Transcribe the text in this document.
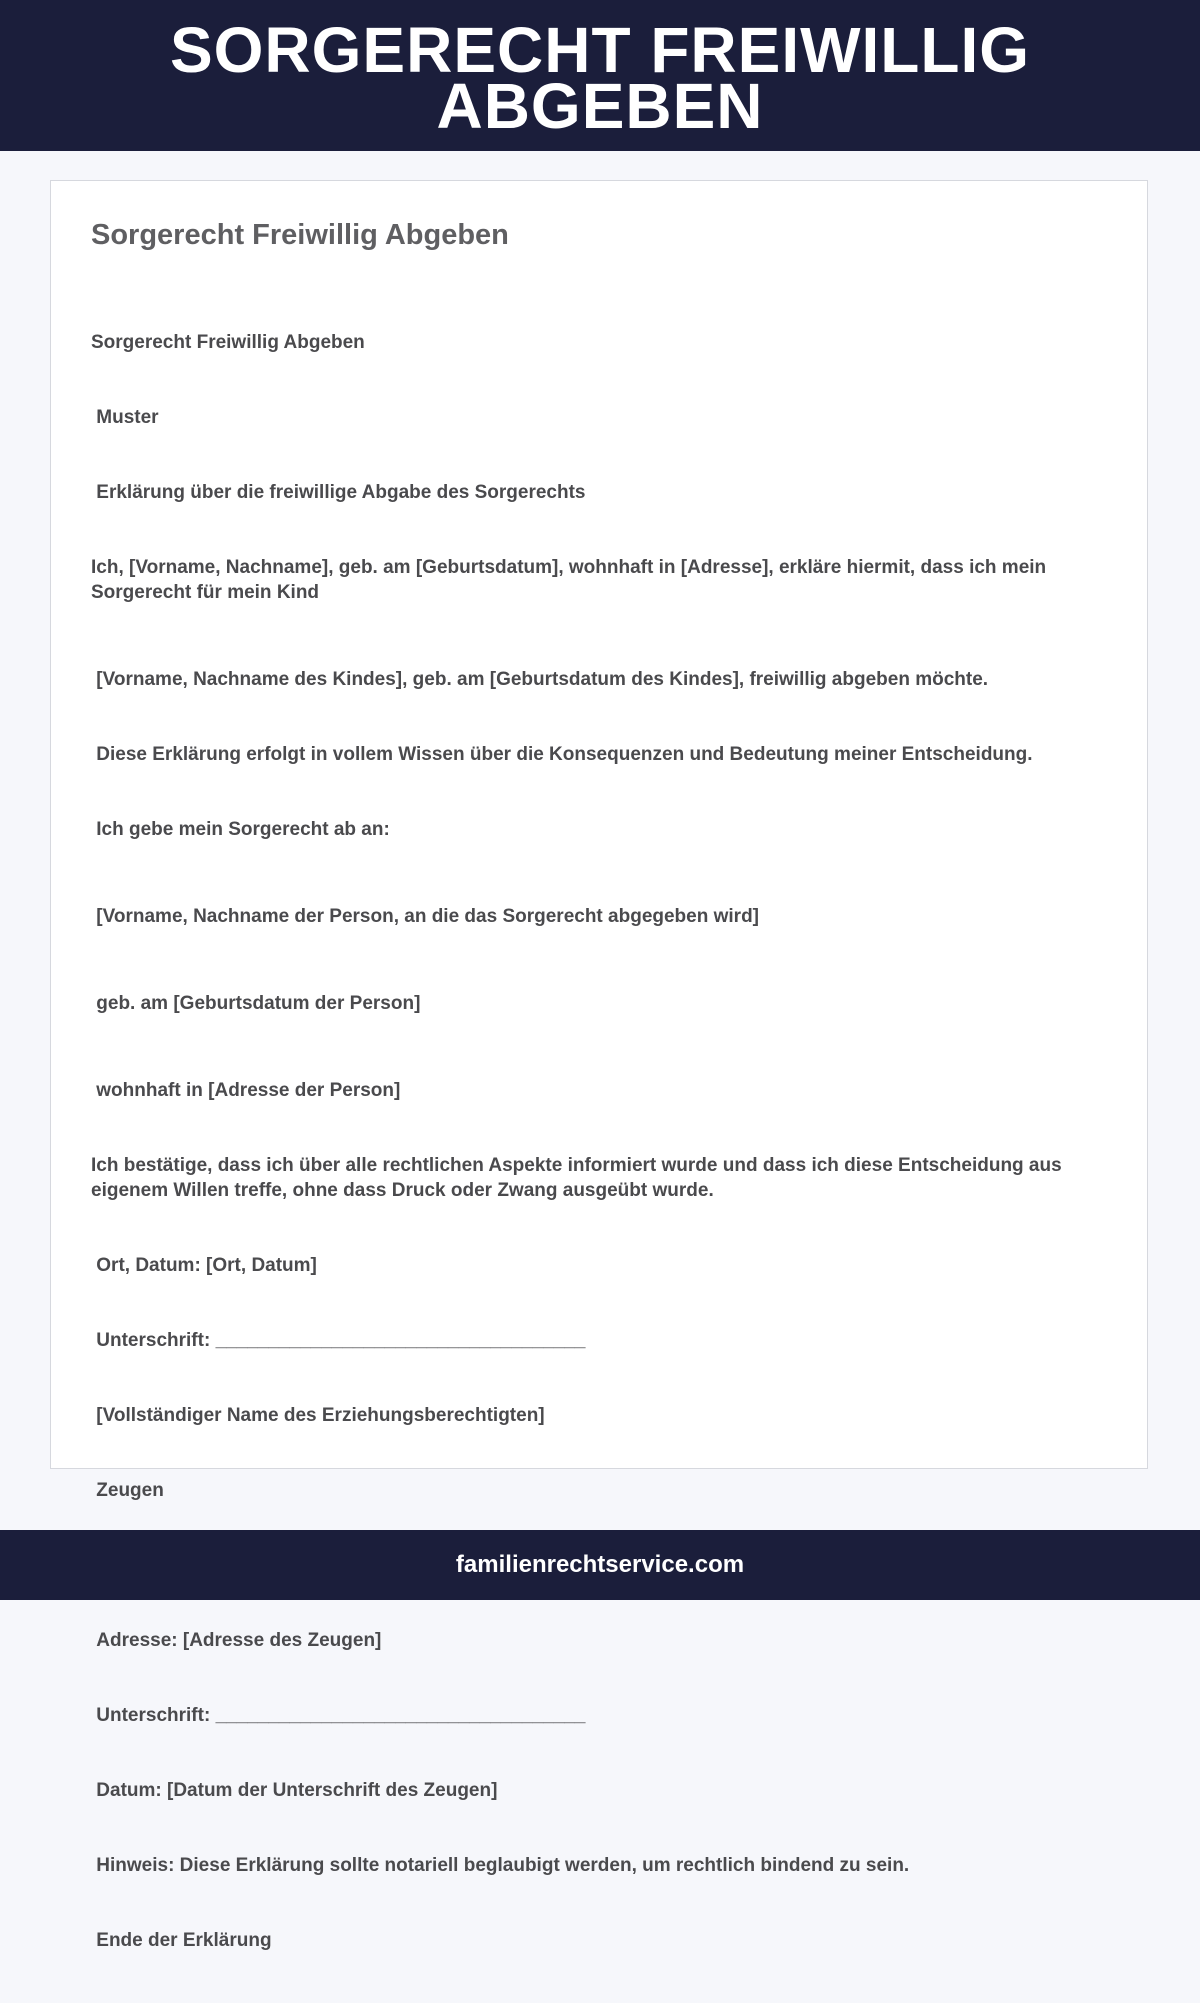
SORGERECHT FREIWILLIG ABGEBEN
Sorgerecht Freiwillig Abgeben

Sorgerecht Freiwillig Abgeben

Muster

Erklärung über die freiwillige Abgabe des Sorgerechts

Ich, [Vorname, Nachname], geb. am [Geburtsdatum], wohnhaft in [Adresse], erkläre hiermit, dass ich mein Sorgerecht für mein Kind

[Vorname, Nachname des Kindes], geb. am [Geburtsdatum des Kindes], freiwillig abgeben möchte.

Diese Erklärung erfolgt in vollem Wissen über die Konsequenzen und Bedeutung meiner Entscheidung.

Ich gebe mein Sorgerecht ab an:

[Vorname, Nachname der Person, an die das Sorgerecht abgegeben wird]

geb. am [Geburtsdatum der Person]

wohnhaft in [Adresse der Person]

Ich bestätige, dass ich über alle rechtlichen Aspekte informiert wurde und dass ich diese Entscheidung aus eigenem Willen treffe, ohne dass Druck oder Zwang ausgeübt wurde.

Ort, Datum: [Ort, Datum]

Unterschrift: ___________________________________

[Vollständiger Name des Erziehungsberechtigten]

Zeugen

Adresse: [Adresse des Zeugen]

Unterschrift: ___________________________________

Datum: [Datum der Unterschrift des Zeugen]

Hinweis: Diese Erklärung sollte notariell beglaubigt werden, um rechtlich bindend zu sein.

Ende der Erklärung

familienrechtservice.com
